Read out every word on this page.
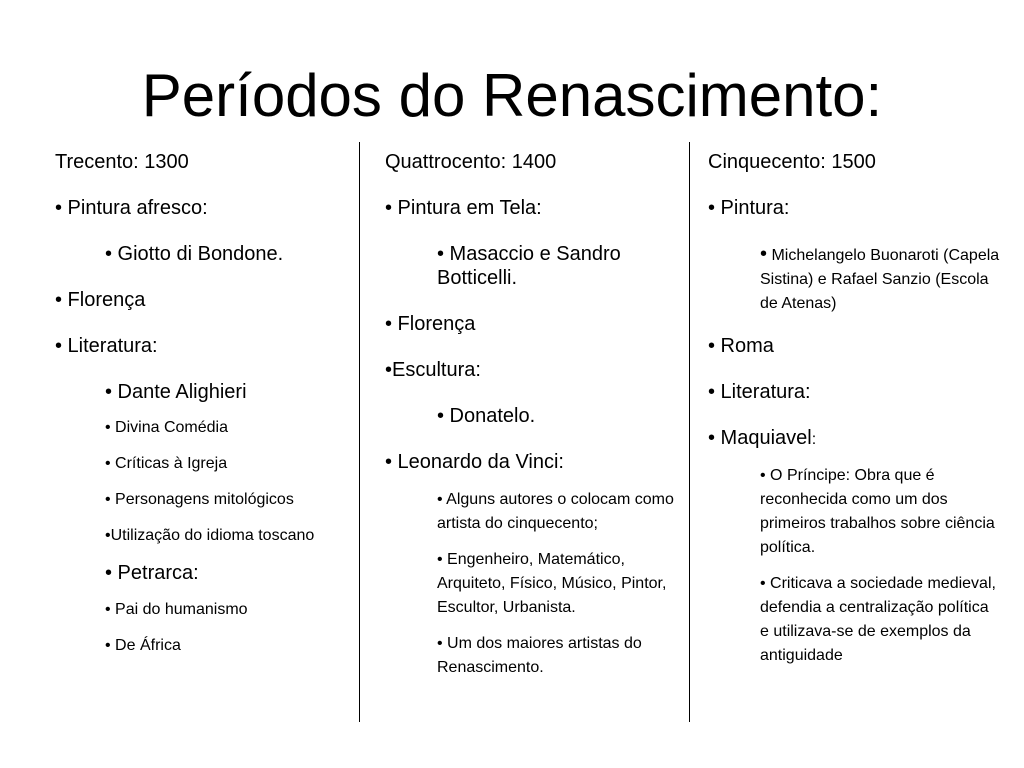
Períodos do Renascimento:

Trecento: 1300

• Pintura afresco:

• Giotto di Bondone.

• Florença

• Literatura:

• Dante Alighieri

• Divina Comédia

• Críticas à Igreja

• Personagens mitológicos

•Utilização do idioma toscano

• Petrarca:

• Pai do humanismo

• De África

Quattrocento: 1400

• Pintura em Tela:

• Masaccio e Sandro Botticelli.

• Florença

•Escultura:

• Donatelo.

• Leonardo da Vinci:

• Alguns autores o colocam como artista do cinquecento;

• Engenheiro, Matemático, Arquiteto, Físico, Músico, Pintor, Escultor, Urbanista.

• Um dos maiores artistas do Renascimento.

Cinquecento: 1500

• Pintura:

• Michelangelo Buonaroti (Capela Sistina) e Rafael Sanzio (Escola de Atenas)

• Roma

• Literatura:

• Maquiavel:

• O Príncipe: Obra que é reconhecida como um dos primeiros trabalhos sobre ciência política.

• Criticava a sociedade medieval, defendia a centralização política e utilizava-se de exemplos da antiguidade
